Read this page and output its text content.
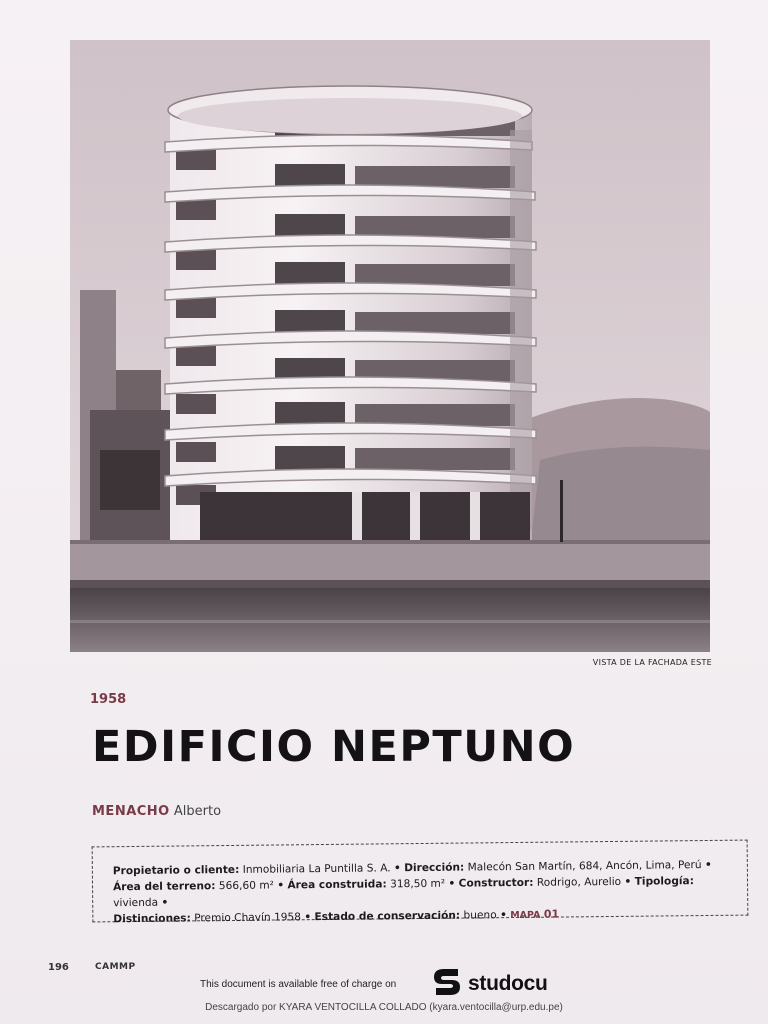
VISTA DE LA FACHADA ESTE
1958
EDIFICIO NEPTUNO
MENACHO Alberto
Propietario o cliente: Inmobiliaria La Puntilla S. A. • Dirección: Malecón San Martín, 684, Ancón, Lima, Perú •
Área del terreno: 566,60 m² • Área construida: 318,50 m² • Constructor: Rodrigo, Aurelio • Tipología: vivienda •
Distinciones: Premio Chavín 1958 • Estado de conservación: bueno • MAPA 01
196	CAMMP
This document is available free of charge on	studocu
Descargado por KYARA VENTOCILLA COLLADO (kyara.ventocilla@urp.edu.pe)
